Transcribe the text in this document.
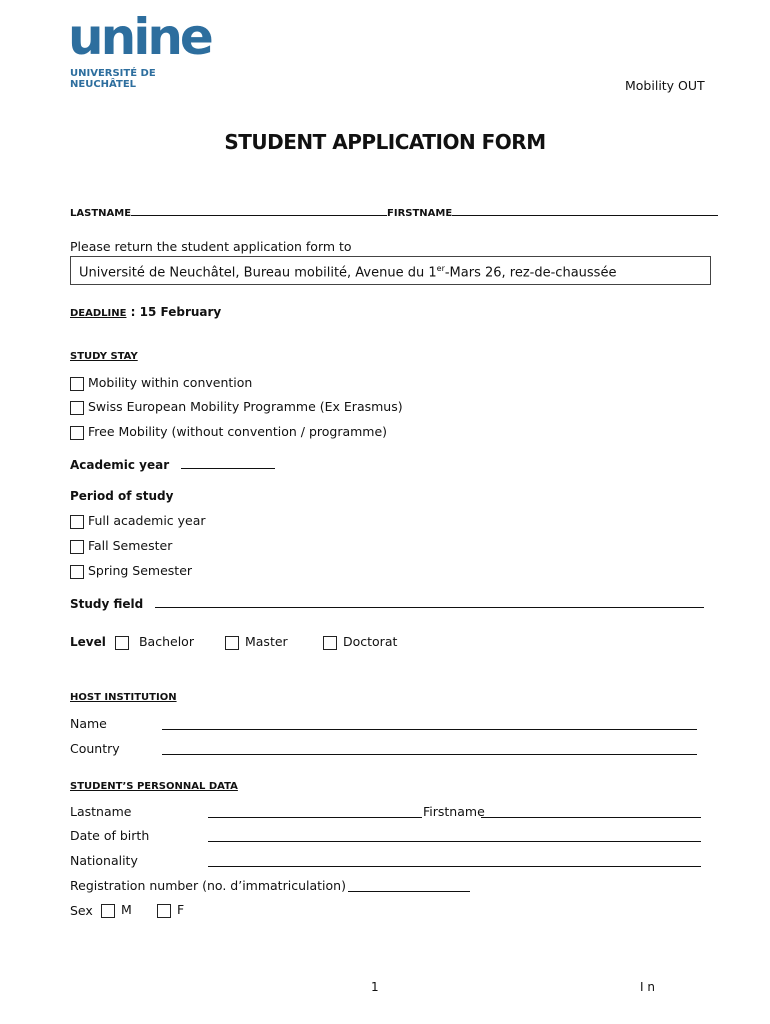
unine
UNIVERSITÉ DE
NEUCHÂTEL	Mobility OUT
STUDENT APPLICATION FORM
LASTNAME	FIRSTNAME
Please return the student application form to
Université de Neuchâtel, Bureau mobilité, Avenue du 1er-Mars 26, rez-de-chaussée
DEADLINE : 15 February
STUDY STAY
Mobility within convention
Swiss European Mobility Programme (Ex Erasmus)
Free Mobility (without convention / programme)
Academic year
Period of study
Full academic year
Fall Semester
Spring Semester
Study field
Level	Bachelor	Master	Doctorat
HOST INSTITUTION
Name
Country
STUDENT’S PERSONNAL DATA
Lastname	Firstname
Date of birth
Nationality
Registration number (no. d’immatriculation)
Sex	M	F
1	I n
